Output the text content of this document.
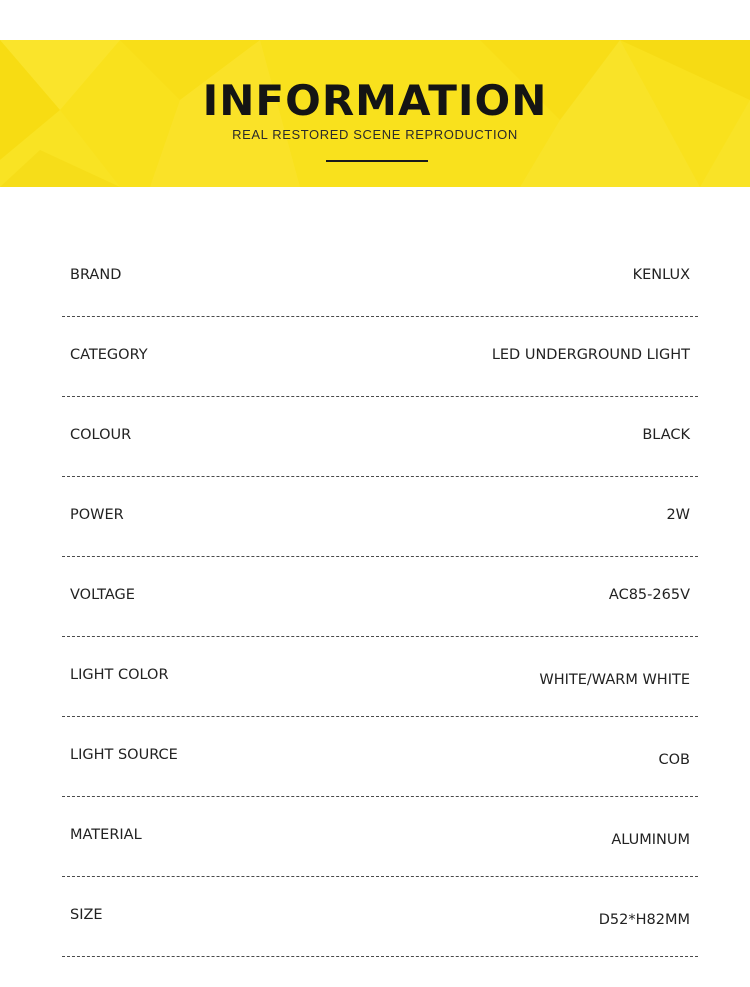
INFORMATION
REAL RESTORED SCENE REPRODUCTION
BRAND	KENLUX
CATEGORY	LED UNDERGROUND LIGHT
COLOUR	BLACK
POWER	2W
VOLTAGE	AC85-265V
LIGHT COLOR	WHITE/WARM WHITE
LIGHT SOURCE	COB
MATERIAL	ALUMINUM
SIZE	D52*H82MM
